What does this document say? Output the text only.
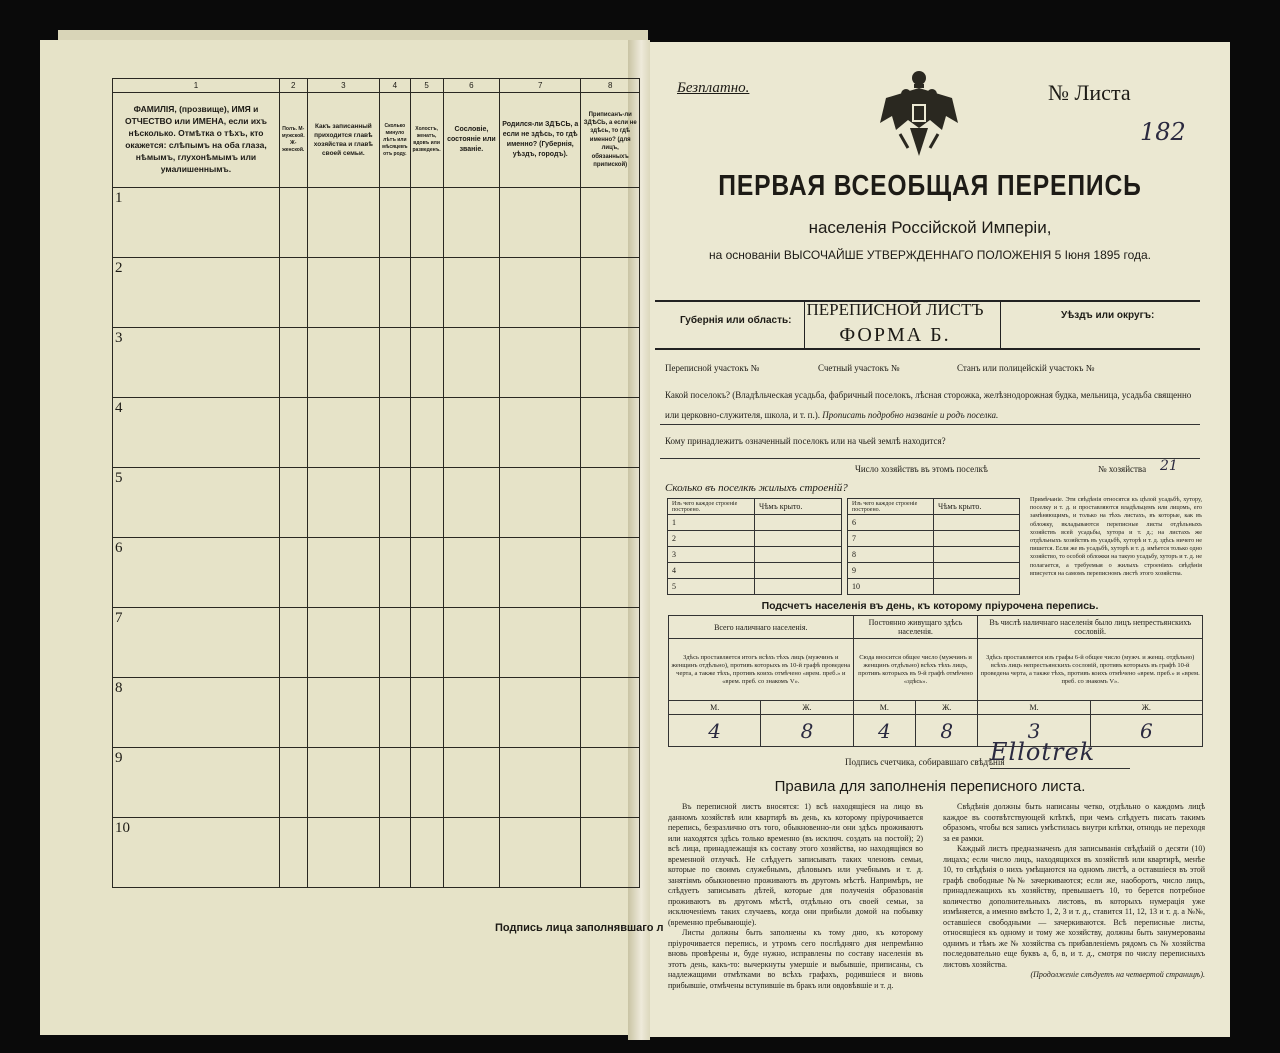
1	2	3	4	5	6	7	8
ФАМИЛІЯ, (прозвище), ИМЯ и ОТЧЕСТВО или ИМЕНА, если ихъ нѣсколько. Отмѣтка о тѣхъ, кто окажется: слѣпымъ на оба глаза, нѣмымъ, глухонѣмымъ или умалишеннымъ.	Полъ. М-мужской. Ж-женской.	Какъ записанный приходится главѣ хозяйства и главѣ своей семьи.	Сколько минуло лѣтъ или мѣсяцевъ отъ роду.	Холостъ, женатъ, вдовъ или разведенъ.	Сословіе, состояніе или званіе.	Родился-ли ЗДѢСЬ, а если не здѣсь, то гдѣ именно? (Губернія, уѣздъ, городъ).	Приписанъ-ли ЗДѢСЬ, а если не здѣсь, то гдѣ именно? (для лицъ, обязанныхъ припиской)
1							
2							
3							
4							
5							
6							
7							
8							
9							
10							
Подпись лица заполнявшаго л
Безплатно.	№ Листа
182
ПЕРВАЯ ВСЕОБЩАЯ ПЕРЕПИСЬ
населенія Россійской Имперіи,
на основаніи ВЫСОЧАЙШЕ УТВЕРЖДЕННАГО ПОЛОЖЕНІЯ 5 Іюня 1895 года.
Губернія или область:
ПЕРЕПИСНОЙ ЛИСТЪ
ФОРМА Б.
Уѣздъ или округъ:
Переписной участокъ №	Счетный участокъ №	Станъ или полицейскій участокъ №
Какой поселокъ? (Владѣльческая усадьба, фабричный поселокъ, лѣсная сторожка, желѣзнодорожная будка, мельница, усадьба священно или церковно-служителя, школа, и т. п.). Прописать подробно названіе и родъ поселка.
Кому принадлежитъ означенный поселокъ или на чьей землѣ находится?
Число хозяйствъ въ этомъ поселкѣ	№ хозяйства 21
Сколько въ поселкѣ жилыхъ строеній?
Изъ чего каждое строеніе построено.	Чѣмъ крыто.
1	
2	
3	
4	
5	
Изъ чего каждое строеніе построено.	Чѣмъ крыто.
6	
7	
8	
9	
10	
Примѣчаніе. Эти свѣдѣнія относятся къ цѣлой усадьбѣ, хутору, поселку и т. д. и проставляются владѣльцемъ или лицомъ, его замѣняющимъ, и только на тѣхъ листахъ, въ которые, как въ обложку, вкладываются переписные листы отдѣльныхъ хозяйствъ всей усадьбы, хутора и т. д.; на листахъ же отдѣльныхъ хозяйствъ въ усадьбѣ, хуторѣ и т. д. здѣсь ничего не пишется. Если же въ усадьбѣ, хуторѣ и т. д. имѣется только одно хозяйство, то особой обложки на такую усадьбу, хуторъ и т. д. не полагается, а требуемыя о жилыхъ строеніяхъ свѣдѣнія вписуется на самомъ переписномъ листѣ этого хозяйства.
Подсчетъ населенія въ день, къ которому пріурочена перепись.
Всего наличнаго населенія.		Постоянно живущаго здѣсь населенія.		Въ числѣ наличнаго населенія было лицъ непрестьянскихъ сословій.	
Здѣсь проставляется итогъ всѣхъ тѣхъ лицъ (мужчинъ и женщинъ отдѣльно), противъ которыхъ въ 10-й графѣ проведена черта, а также тѣхъ, противъ коихъ отмѣчено «врем. преб.» и «врем. преб. со знакомъ V».		Сюда вносится общее число (мужчинъ и женщинъ отдѣльно) всѣхъ тѣхъ лицъ, противъ которыхъ въ 9-й графѣ отмѣчено «здѣсь».		Здѣсь проставляется изъ графы 6-й общее число (мужч. и женщ. отдѣльно) всѣхъ лицъ непрестьянскихъ сословій, противъ которыхъ въ графѣ 10-й проведена черта, а также тѣхъ, противъ коихъ отмѣчено «врем. преб.» и «врем. преб. со знакомъ V».	
М.	Ж.	М.	Ж.	М.	Ж.
4	8	4	8	3	6
Подпись счетчика, собиравшаго свѣдѣнія
Ellotrek
Правила для заполненія переписного листа.

Въ переписной листъ вносятся: 1) всѣ находящіеся на лицо въ данномъ хозяйствѣ или квартирѣ въ день, къ которому пріурочивается перепись, безразлично отъ того, обыкновенно-ли они здѣсь проживаютъ или находятся здѣсь только временно (въ исключ. создать на постой); 2) всѣ лица, принадлежащія къ составу этого хозяйства, но находящіяся во временной отлучкѣ. Не слѣдуетъ записывать таких членовъ семьи, которые по своимъ служебнымъ, дѣловымъ или учебнымъ и т. д. занятіямъ обыкновенно проживаютъ въ другомъ мѣстѣ. Напримѣръ, не слѣдуетъ записывать дѣтей, которые для полученія образованія проживаютъ въ другомъ мѣстѣ, отдѣльно отъ своей семьи, за исключеніемъ таких случаевъ, когда они прибыли домой на побывку (временно пребывающіе).

Листы должны быть заполнены къ тому дню, къ которому пріурочивается перепись, и утромъ сего послѣдняго дня непремѣнно вновь провѣрены и, буде нужно, исправлены по составу населенія въ этотъ день, какъ-то: вычеркнуты умершіе и выбывшіе, приписаны, съ надлежащими отмѣтками во всѣхъ графахъ, родившіеся и вновь прибывшіе, отмѣчены вступившіе въ бракъ или овдовѣвшіе и т. д.

Свѣдѣнія должны быть написаны четко, отдѣльно о каждомъ лицѣ каждое въ соотвѣтствующей клѣткѣ, при чемъ слѣдуетъ писать такимъ образомъ, чтобы вся запись умѣстилась внутри клѣтки, отнюдь не переходя за ея рамки.

Каждый листъ предназначенъ для записыванія свѣдѣній о десяти (10) лицахъ; если число лицъ, находящихся въ хозяйствѣ или квартирѣ, менѣе 10, то свѣдѣнія о нихъ умѣщаются на одномъ листѣ, а оставшіеся въ этой графѣ свободные №№ зачеркиваются; если же, наоборотъ, число лицъ, принадлежащихъ къ хозяйству, превышаетъ 10, то берется потребное количество дополнительныхъ листовъ, въ которыхъ нумерація уже измѣняется, а именно вмѣсто 1, 2, 3 и т. д., ставится 11, 12, 13 и т. д. а №№, оставшіеся свободными — зачеркиваются. Всѣ переписные листы, относящіеся къ одному и тому же хозяйству, должны быть занумерованы однимъ и тѣмъ же № хозяйства съ прибавленіемъ рядомъ съ № хозяйства последовательно еще буквъ а, б, в, и т. д., смотря по числу переписныхъ листовъ хозяйства.

(Продолженіе слѣдуетъ на четвертой страницѣ).
